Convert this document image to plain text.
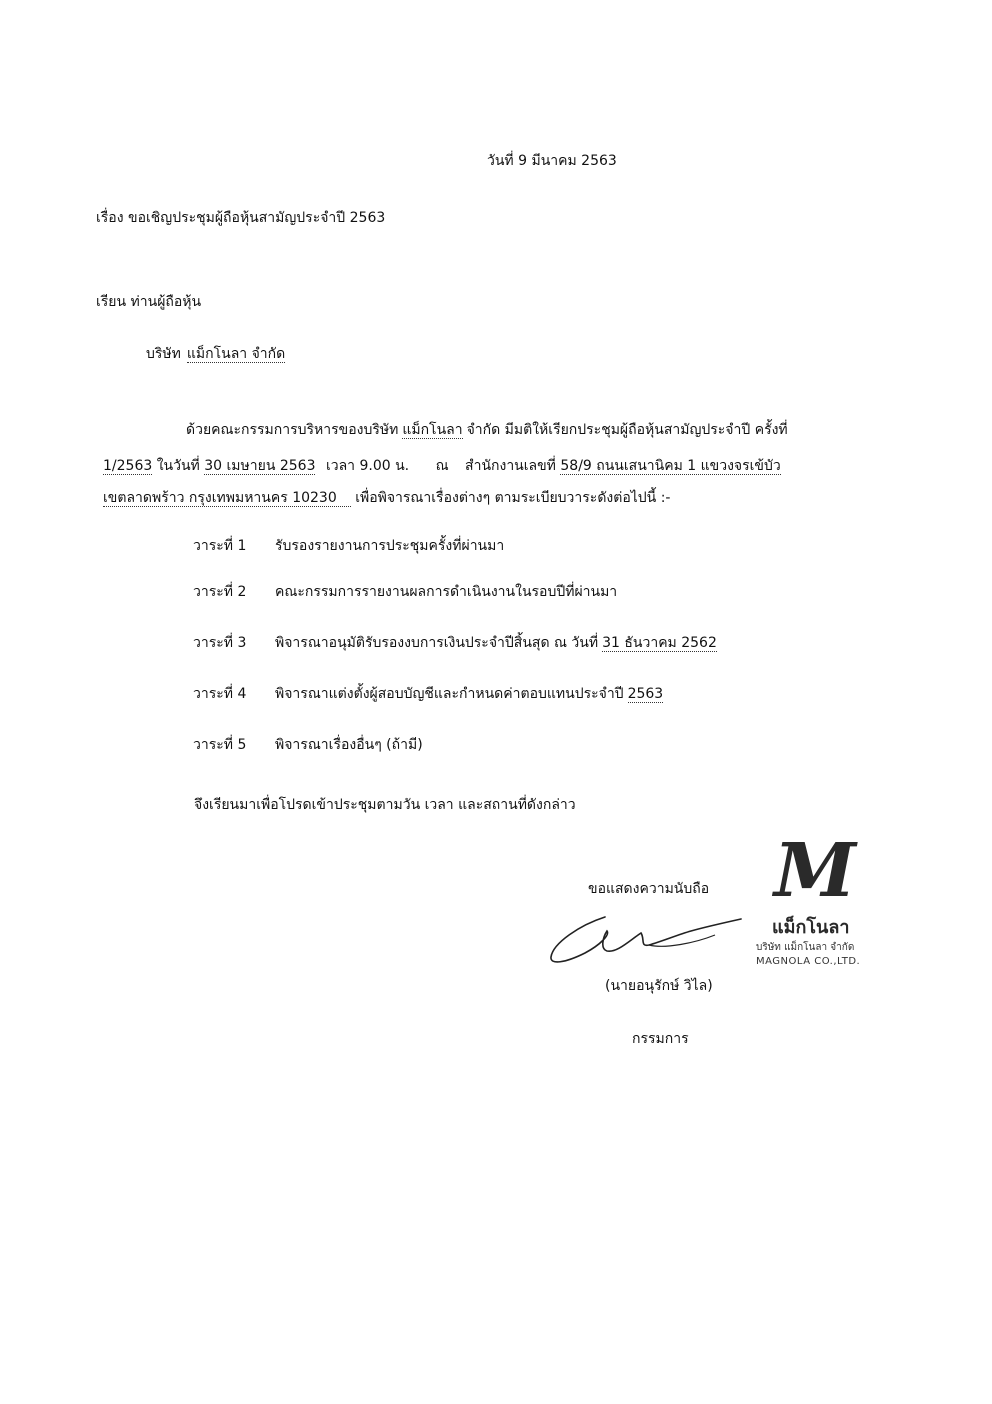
วันที่ 9 มีนาคม 2563
เรื่อง ขอเชิญประชุมผู้ถือหุ้นสามัญประจำปี 2563
เรียน ท่านผู้ถือหุ้น
บริษัท แม็กโนลา จำกัด
ด้วยคณะกรรมการบริหารของบริษัท แม็กโนลา จำกัด มีมติให้เรียกประชุมผู้ถือหุ้นสามัญประจำปี ครั้งที่
1/2563 ในวันที่ 30 เมษายน 2563 เวลา 9.00 น. ณ สำนักงานเลขที่ 58/9 ถนนเสนานิคม 1 แขวงจรเข้บัว
เขตลาดพร้าว กรุงเทพมหานคร 10230 เพื่อพิจารณาเรื่องต่างๆ ตามระเบียบวาระดังต่อไปนี้ :-
วาระที่ 1 รับรองรายงานการประชุมครั้งที่ผ่านมา
วาระที่ 2 คณะกรรมการรายงานผลการดำเนินงานในรอบปีที่ผ่านมา
วาระที่ 3 พิจารณาอนุมัติรับรองงบการเงินประจำปีสิ้นสุด ณ วันที่ 31 ธันวาคม 2562
วาระที่ 4 พิจารณาแต่งตั้งผู้สอบบัญชีและกำหนดค่าตอบแทนประจำปี 2563
วาระที่ 5 พิจารณาเรื่องอื่นๆ (ถ้ามี)
จึงเรียนมาเพื่อโปรดเข้าประชุมตามวัน เวลา และสถานที่ดังกล่าว
ขอแสดงความนับถือ
(นายอนุรักษ์ วิไล)
กรรมการ
M
แม็กโนลา
บริษัท แม็กโนลา จำกัด
MAGNOLA CO.,LTD.
